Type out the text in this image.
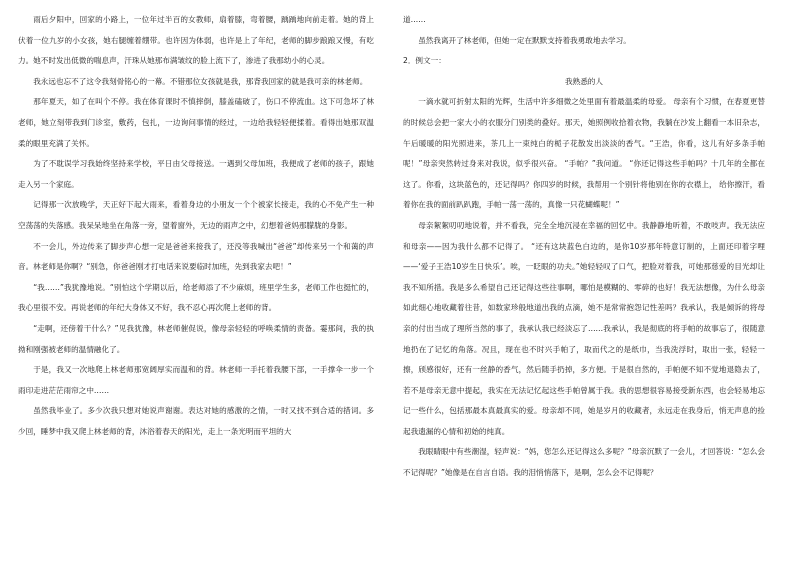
雨后夕阳中，回家的小路上，一位年过半百的女教师，扇着膝，弯着腰，踽踽地向前走着。她的背上伏着一位九岁的小女孩，她右腿缠着绷带。也许因为体弱，也许是上了年纪，老师的脚步踉踉又慢，有吃力。她不时发出低微的喘息声，汗珠从她那布满皱纹的脸上流下了，渗进了我那幼小的心灵。

我永远也忘不了这令我刻骨铭心的一幕。不错那位女孩就是我，那背我回家的就是我可亲的林老师。

那年夏天，如了在叫个不停。我在体育课时不慎摔倒，膝盖磕破了，伤口不停流血。这下可急坏了林老师，她立刻带我到门诊室，敷药，包扎，一边询问事情的经过，一边给我轻轻便揉着。看得出她那双温柔的眼里充满了关怀。

为了不耽误学习我始终坚持来学校，平日由父母接送。一遇到父母加班，我便成了老师的孩子，跟她走入另一个家庭。

记得那一次放晚学，天正好下起大雨来，看着身边的小朋友一个个被家长接走，我的心不免产生一种空荡荡的失落感。我呆呆地坐在角落一旁，望着窗外，无边的雨声之中，幻想着爸妈那朦胧的身影。

不一会儿，外边传来了脚步声心想一定是爸爸来接我了，还没等我喊出“爸爸”却传来另一个和蔼的声音。林老师是你啊？“别急，你爸爸刚才打电话来说要临时加班，先到我家去吧！”

“我……”我犹豫地说。“别怕这个学期以后，给老师添了不少麻烦，班里学生多，老师工作也挺忙的，我心里很不安。再说老师的年纪大身体又不好，我不忍心再次爬上老师的背。

“走啊，还傍着干什么？”见我犹豫，林老师催促说，像母亲轻轻的呼唤柔情的责备。霎那间，我的执拗和刚强被老师的温情融化了。

于是，我又一次地爬上林老师那宽阔厚实而温和的背。林老师一手托着我腰下部，一手撑伞一步一个雨印走进茫茫雨帘之中……

虽然我毕业了。多少次我只想对她说声谢谢。表达对她的感激的之情，一时又找不到合适的措词。多少回，睡梦中我又爬上林老师的背，沐浴着春天的阳光，走上一条光明而平坦的大

道……

虽然我离开了林老师，但她一定在默默支持着我勇敢地去学习。

2．例文一：

我熟悉的人

一滴水就可折射太阳的光辉，生活中许多细微之处里面有着最温柔的母爱。 母亲有个习惯，在春夏更替的时候总会把一家大小的衣服分门别类的叠好。那天，她照例收拾着衣物，我躺在沙发上翻看一本旧杂志，午后暖暖的阳光照进来，茶几上一束纯白的栀子花散发出淡淡的香气。“王浩，你看，这儿有好多条手帕呢！”母亲突然转过身来对我说，似乎很兴奋。 “手帕？”我问道。 “你还记得这些手帕吗？十几年的全都在这了。你看，这块蓝色的，还记得吗？你四岁的时候，我帮用一个别针将他别在你的衣襟上， 给你擦汗，看着你在我的面前趴趴跑，手帕一荡一荡的，真像一只花蝴蝶呢！”

母亲絮絮叨叨地说着，并不看我，完全全地沉浸在幸福的回忆中。我静静地听着，不敢吱声。我无法应和母亲——因为我什么都不记得了。 “还有这块蓝色白边的，是你10岁那年特意订制的，上面还印着字哩——‘爱子王浩10岁生日快乐’。唉，一眨眼的功夫。”她轻轻叹了口气，把脸对着我，可她那慈爱的目光却让我不知所措。我是多么希望自己还记得这些往事啊，哪怕是模糊的、零碎的也好！我无法想像，为什么母亲如此细心地收藏着往昔，如数家珍般地道出我的点滴，她不是常常抱怨记性差吗？我承认，我是倾诉的将母亲的付出当成了理所当然的事了，我承认我已经淡忘了……我承认，我是彻底的将手帕的故事忘了，很随意地扔在了记忆的角落。况且，现在也不时兴手帕了，取而代之的是纸巾，当我洗浮时，取出一张，轻轻一擦，颀感很好，还有一丝静的香气，然后随手扔掉，多方便。于是很自然的，手帕便不知不觉地退隐去了，若不是母亲无意中提起，我实在无法记忆起这些手帕曾属于我。我的思想很容易接受新东西，也会轻易地忘记一些什么，包括那最本真最真实的爱。母亲却不同，她是岁月的收藏者，永远走在我身后，悄无声息的捡起我遗漏的心情和初始的纯真。

我眼睛眼中有些潮湿，轻声说：“妈，您怎么还记得这么多呢？”母亲沉默了一会儿，才回答说：“怎么会不记得呢？”她像是在自言自语。我的泪悄悄落下，是啊，怎么会不记得呢？
